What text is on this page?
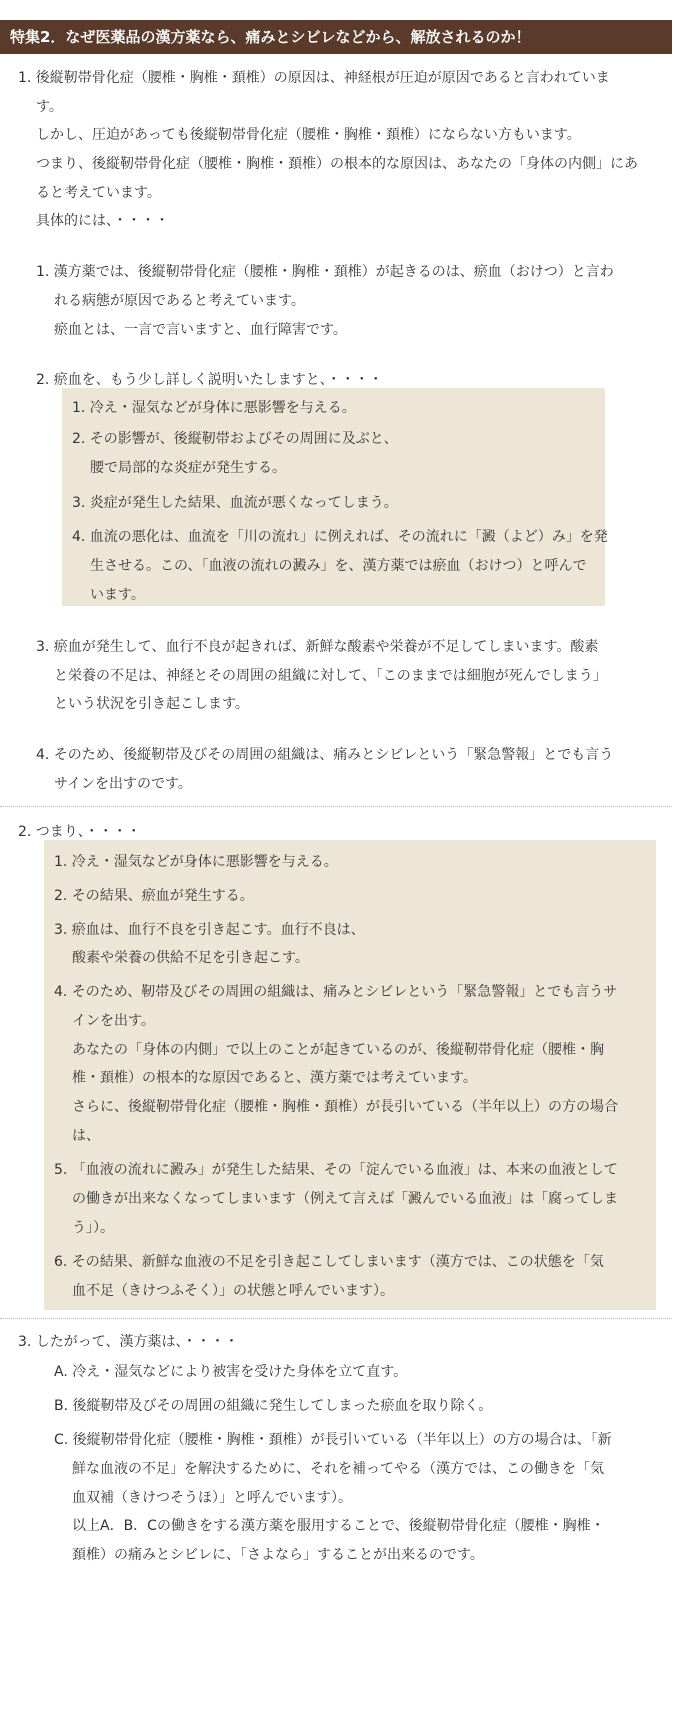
特集2．なぜ医薬品の漢方薬なら、痛みとシビレなどから、解放されるのか！
1. 後縦靭帯骨化症（腰椎・胸椎・頚椎）の原因は、神経根が圧迫が原因であると言われていま
す。
しかし、圧迫があっても後縦靭帯骨化症（腰椎・胸椎・頚椎）にならない方もいます。
つまり、後縦靭帯骨化症（腰椎・胸椎・頚椎）の根本的な原因は、あなたの「身体の内側」にあ
ると考えています。
具体的には、・・・・
1. 漢方薬では、後縦靭帯骨化症（腰椎・胸椎・頚椎）が起きるのは、瘀血（おけつ）と言わ
れる病態が原因であると考えています。
瘀血とは、一言で言いますと、血行障害です。
2. 瘀血を、もう少し詳しく説明いたしますと、・・・・
1. 冷え・湿気などが身体に悪影響を与える。
2. その影響が、後縦靭帯およびその周囲に及ぶと、
腰で局部的な炎症が発生する。
3. 炎症が発生した結果、血流が悪くなってしまう。
4. 血流の悪化は、血流を「川の流れ」に例えれば、その流れに「澱（よど）み」を発
生させる。この、「血液の流れの澱み」を、漢方薬では瘀血（おけつ）と呼んで
います。
3. 瘀血が発生して、血行不良が起きれば、新鮮な酸素や栄養が不足してしまいます。酸素
と栄養の不足は、神経とその周囲の組織に対して、「このままでは細胞が死んでしまう」
という状況を引き起こします。
4. そのため、後縦靭帯及びその周囲の組織は、痛みとシビレという「緊急警報」とでも言う
サインを出すのです。
2. つまり、・・・・
1. 冷え・湿気などが身体に悪影響を与える。
2. その結果、瘀血が発生する。
3. 瘀血は、血行不良を引き起こす。血行不良は、
酸素や栄養の供給不足を引き起こす。
4. そのため、靭帯及びその周囲の組織は、痛みとシビレという「緊急警報」とでも言うサ
インを出す。
あなたの「身体の内側」で以上のことが起きているのが、後縦靭帯骨化症（腰椎・胸
椎・頚椎）の根本的な原因であると、漢方薬では考えています。
さらに、後縦靭帯骨化症（腰椎・胸椎・頚椎）が長引いている（半年以上）の方の場合
は、
5. 「血液の流れに澱み」が発生した結果、その「淀んでいる血液」は、本来の血液として
の働きが出来なくなってしまいます（例えて言えば「澱んでいる血液」は「腐ってしま
う」）。
6. その結果、新鮮な血液の不足を引き起こしてしまいます（漢方では、この状態を「気
血不足（きけつふそく）」の状態と呼んでいます）。
3. したがって、漢方薬は、・・・・
A. 冷え・湿気などにより被害を受けた身体を立て直す。
B. 後縦靭帯及びその周囲の組織に発生してしまった瘀血を取り除く。
C. 後縦靭帯骨化症（腰椎・胸椎・頚椎）が長引いている（半年以上）の方の場合は、「新
鮮な血液の不足」を解決するために、それを補ってやる（漢方では、この働きを「気
血双補（きけつそうほ）」と呼んでいます）。
以上A．B．Cの働きをする漢方薬を服用することで、後縦靭帯骨化症（腰椎・胸椎・
頚椎）の痛みとシビレに、「さよなら」することが出来るのです。
